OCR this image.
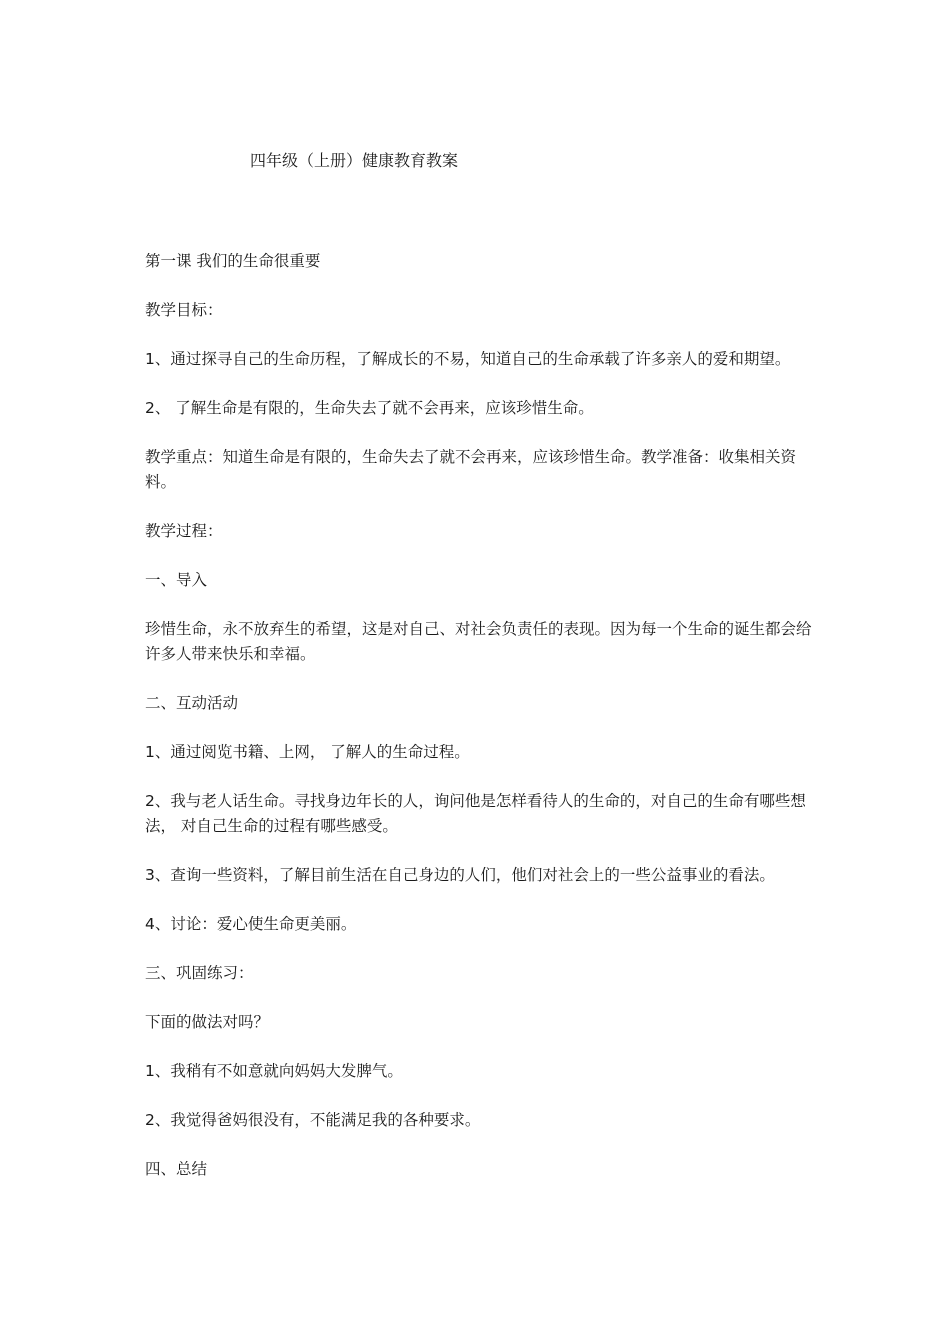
四年级（上册）健康教育教案

第一课 我们的生命很重要

教学目标：

1、通过探寻自己的生命历程，了解成长的不易，知道自己的生命承载了许多亲人的爱和期望。

2、 了解生命是有限的，生命失去了就不会再来，应该珍惜生命。

教学重点：知道生命是有限的，生命失去了就不会再来，应该珍惜生命。教学准备：收集相关资料。

教学过程：

一、导入

珍惜生命，永不放弃生的希望，这是对自己、对社会负责任的表现。因为每一个生命的诞生都会给许多人带来快乐和幸福。

二、互动活动

1、通过阅览书籍、上网， 了解人的生命过程。

2、我与老人话生命。寻找身边年长的人，询问他是怎样看待人的生命的，对自己的生命有哪些想法， 对自己生命的过程有哪些感受。

3、查询一些资料，了解目前生活在自己身边的人们，他们对社会上的一些公益事业的看法。

4、讨论：爱心使生命更美丽。

三、巩固练习：

下面的做法对吗？

1、我稍有不如意就向妈妈大发脾气。

2、我觉得爸妈很没有，不能满足我的各种要求。

四、总结
